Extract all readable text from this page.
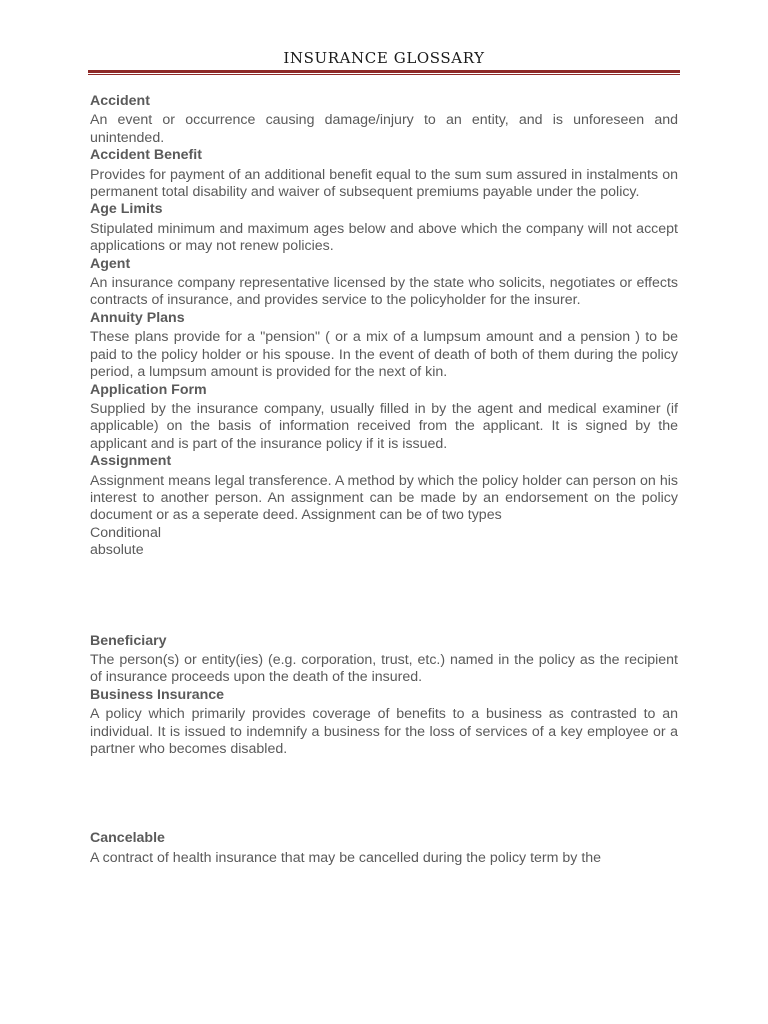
INSURANCE GLOSSARY
Accident
An event or occurrence causing damage/injury to an entity, and is unforeseen and unintended.
Accident Benefit
Provides for payment of an additional benefit equal to the sum sum assured in instalments on permanent total disability and waiver of subsequent premiums payable under the policy.
Age Limits
Stipulated minimum and maximum ages below and above which the company will not accept applications or may not renew policies.
Agent
An insurance company representative licensed by the state who solicits, negotiates or effects contracts of insurance, and provides service to the policyholder for the insurer.
Annuity Plans
These plans provide for a "pension" ( or a mix of a lumpsum amount and a pension ) to be paid to the policy holder or his spouse. In the event of death of both of them during the policy period, a lumpsum amount is provided for the next of kin.
Application Form
Supplied by the insurance company, usually filled in by the agent and medical examiner (if applicable) on the basis of information received from the applicant. It is signed by the applicant and is part of the insurance policy if it is issued.
Assignment
Assignment means legal transference. A method by which the policy holder can person on his interest to another person. An assignment can be made by an endorsement on the policy document or as a seperate deed. Assignment can be of two types
Conditional
absolute
Beneficiary
The person(s) or entity(ies) (e.g. corporation, trust, etc.) named in the policy as the recipient of insurance proceeds upon the death of the insured.
Business Insurance
A policy which primarily provides coverage of benefits to a business as contrasted to an individual. It is issued to indemnify a business for the loss of services of a key employee or a partner who becomes disabled.
Cancelable
A contract of health insurance that may be cancelled during the policy term by the
